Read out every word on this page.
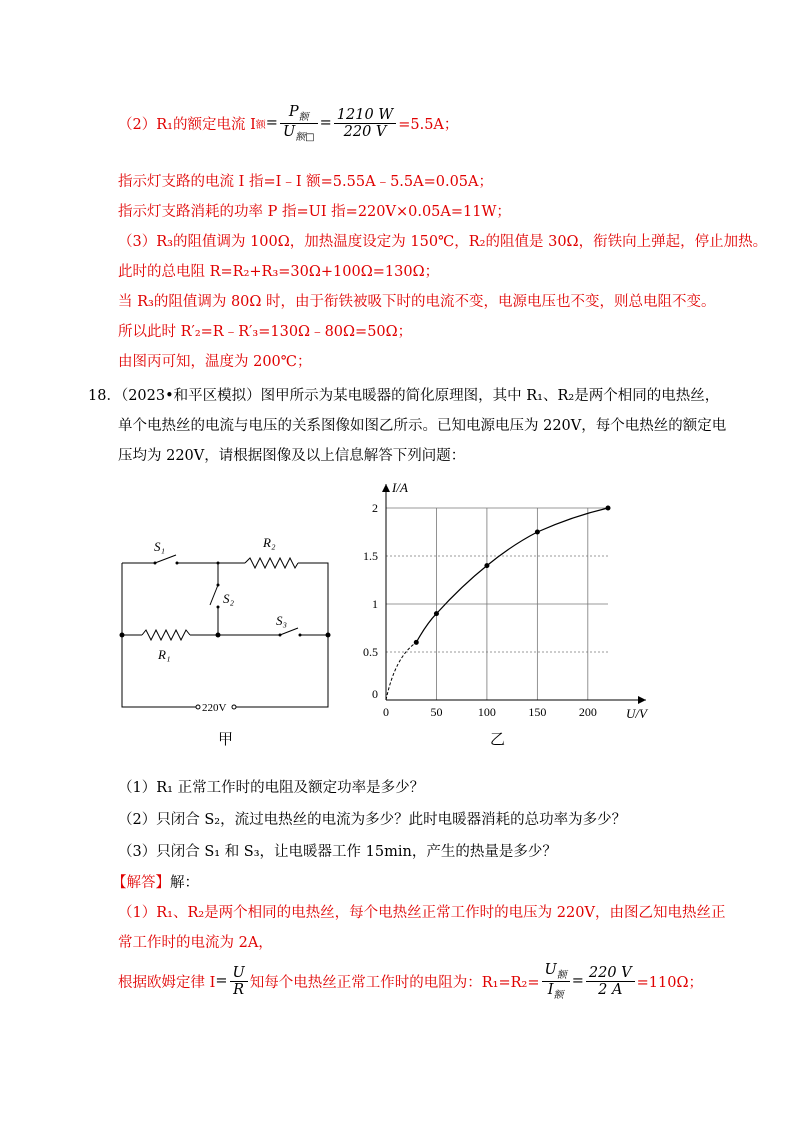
（2）R₁的额定电流 I 额 = $\frac{P_额}{U_{额□}} = \frac{1210 W}{220 V} =5.5A$；
指示灯支路的电流 I 指=I﹣I 额=5.55A﹣5.5A=0.05A；
指示灯支路消耗的功率 P 指=UI 指=220V×0.05A=11W；
（3）R₃的阻值调为 100Ω，加热温度设定为 150℃，R₂的阻值是 30Ω，衔铁向上弹起，停止加热。
此时的总电阻 R=R₂+R₃=30Ω+100Ω=130Ω；
当 R₃的阻值调为 80Ω 时，由于衔铁被吸下时的电流不变，电源电压也不变，则总电阻不变。
所以此时 R′₂=R﹣R′₃=130Ω﹣80Ω=50Ω；
由图丙可知，温度为 200℃；
18．（2023•和平区模拟）图甲所示为某电暖器的简化原理图，其中 R₁、R₂是两个相同的电热丝，
单个电热丝的电流与电压的关系图像如图乙所示。已知电源电压为 220V，每个电热丝的额定电
压均为 220V，请根据图像及以上信息解答下列问题：
220V
S₁	R₂
S₂
S₃
R₁
甲
0	50	100	150	200
0.5
1
1.5
2
0
I/A
U/V
乙
（1）R₁ 正常工作时的电阻及额定功率是多少？
（2）只闭合 S₂，流过电热丝的电流为多少？此时电暖器消耗的总功率为多少？
（3）只闭合 S₁ 和 S₃，让电暖器工作 15min，产生的热量是多少？
【解答】解：
（1）R₁、R₂是两个相同的电热丝，每个电热丝正常工作时的电压为 220V，由图乙知电热丝正
常工作时的电流为 2A，
根据欧姆定律 $I = \frac{U}{R}$ 知每个电热丝正常工作时的电阻为：$R_1=R_2= \frac{U_额}{I_额} = \frac{220 V}{2 A} =110\Omega$；
